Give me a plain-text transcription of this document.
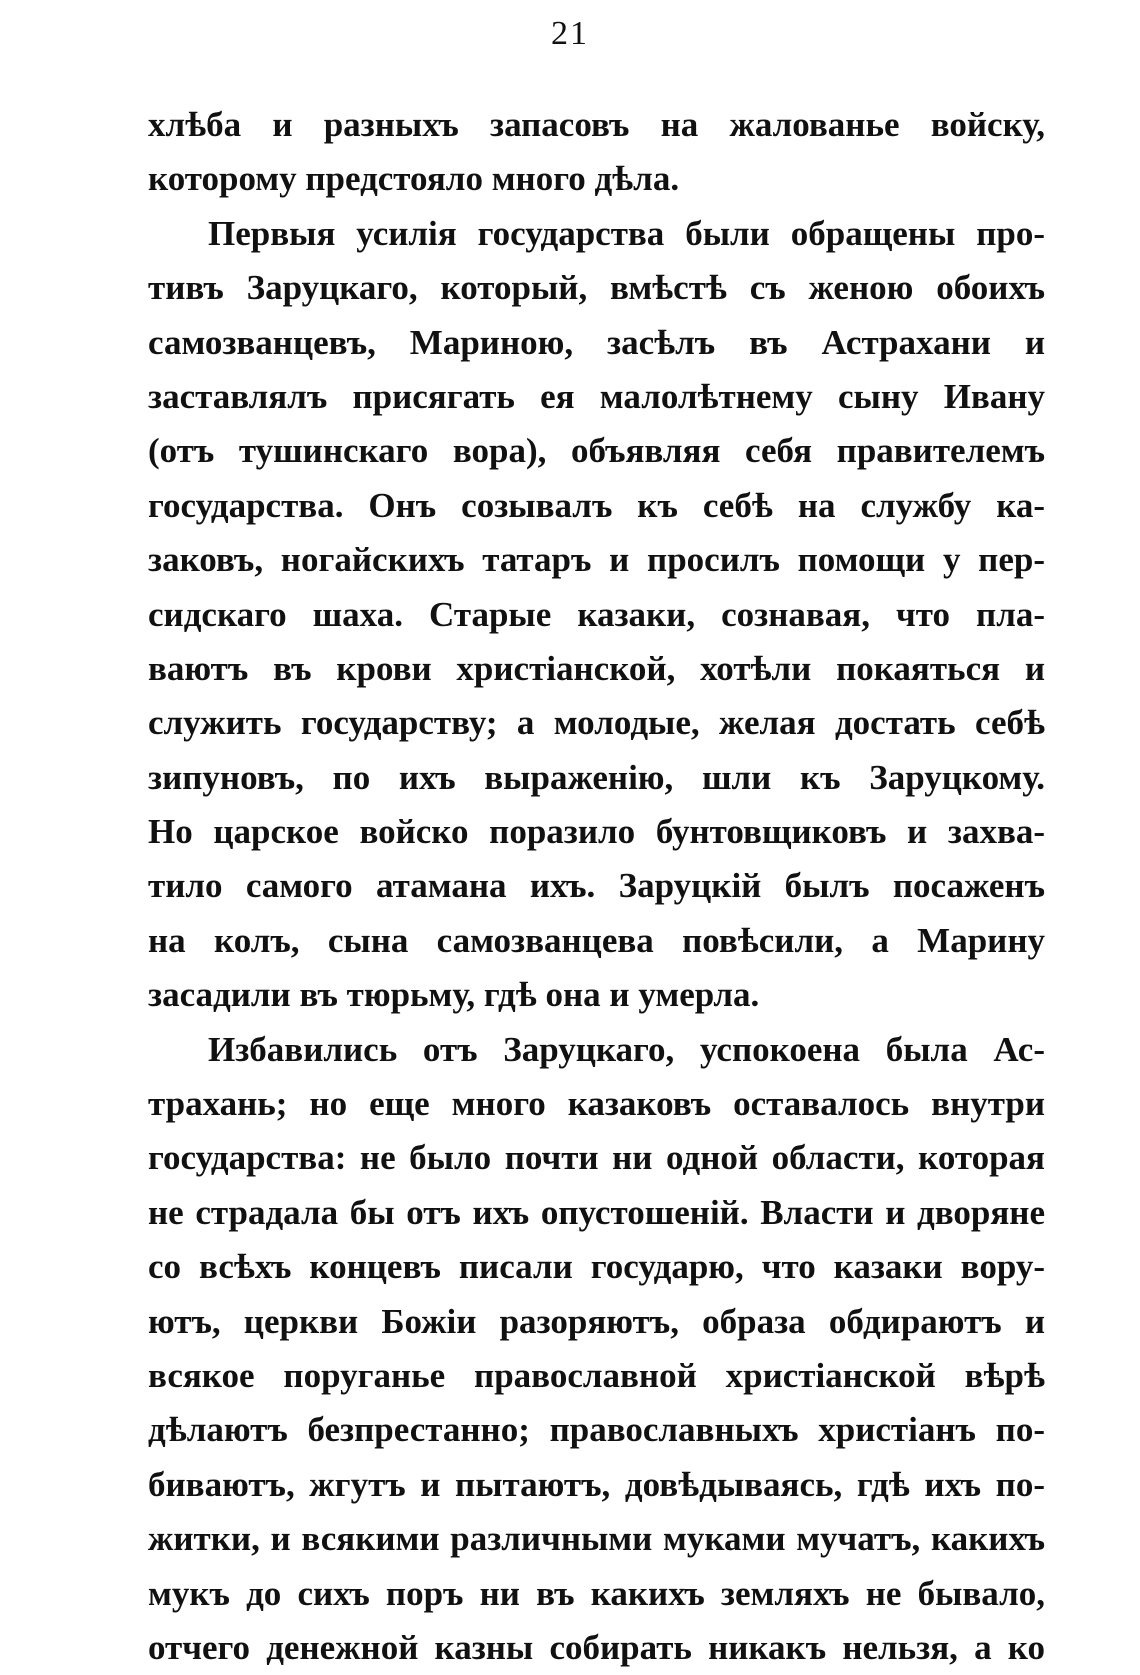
21
хлѣба и разныхъ запасовъ на жалованье войску,
которому предстояло много дѣла.
Первыя усилія государства были обращены про-
тивъ Заруцкаго, который, вмѣстѣ съ женою обоихъ
самозванцевъ, Мариною, засѣлъ въ Астрахани и
заставлялъ присягать ея малолѣтнему сыну Ивану
(отъ тушинскаго вора), объявляя себя правителемъ
государства. Онъ созывалъ къ себѣ на службу ка-
заковъ, ногайскихъ татаръ и просилъ помощи у пер-
сидскаго шаха. Старые казаки, сознавая, что пла-
ваютъ въ крови христіанской, хотѣли покаяться и
служить государству; а молодые, желая достать себѣ
зипуновъ, по ихъ выраженію, шли къ Заруцкому.
Но царское войско поразило бунтовщиковъ и захва-
тило самого атамана ихъ. Заруцкій былъ посаженъ
на колъ, сына самозванцева повѣсили, а Марину
засадили въ тюрьму, гдѣ она и умерла.
Избавились отъ Заруцкаго, успокоена была Ас-
трахань; но еще много казаковъ оставалось внутри
государства: не было почти ни одной области, которая
не страдала бы отъ ихъ опустошеній. Власти и дворяне
со всѣхъ концевъ писали государю, что казаки вору-
ютъ, церкви Божіи разоряютъ, образа обдираютъ и
всякое поруганье православной христіанской вѣрѣ
дѣлаютъ безпрестанно; православныхъ христіанъ по-
биваютъ, жгутъ и пытаютъ, довѣдываясь, гдѣ ихъ по-
житки, и всякими различными муками мучатъ, какихъ
мукъ до сихъ поръ ни въ какихъ земляхъ не бывало,
отчего денежной казны собирать никакъ нельзя, а ко
